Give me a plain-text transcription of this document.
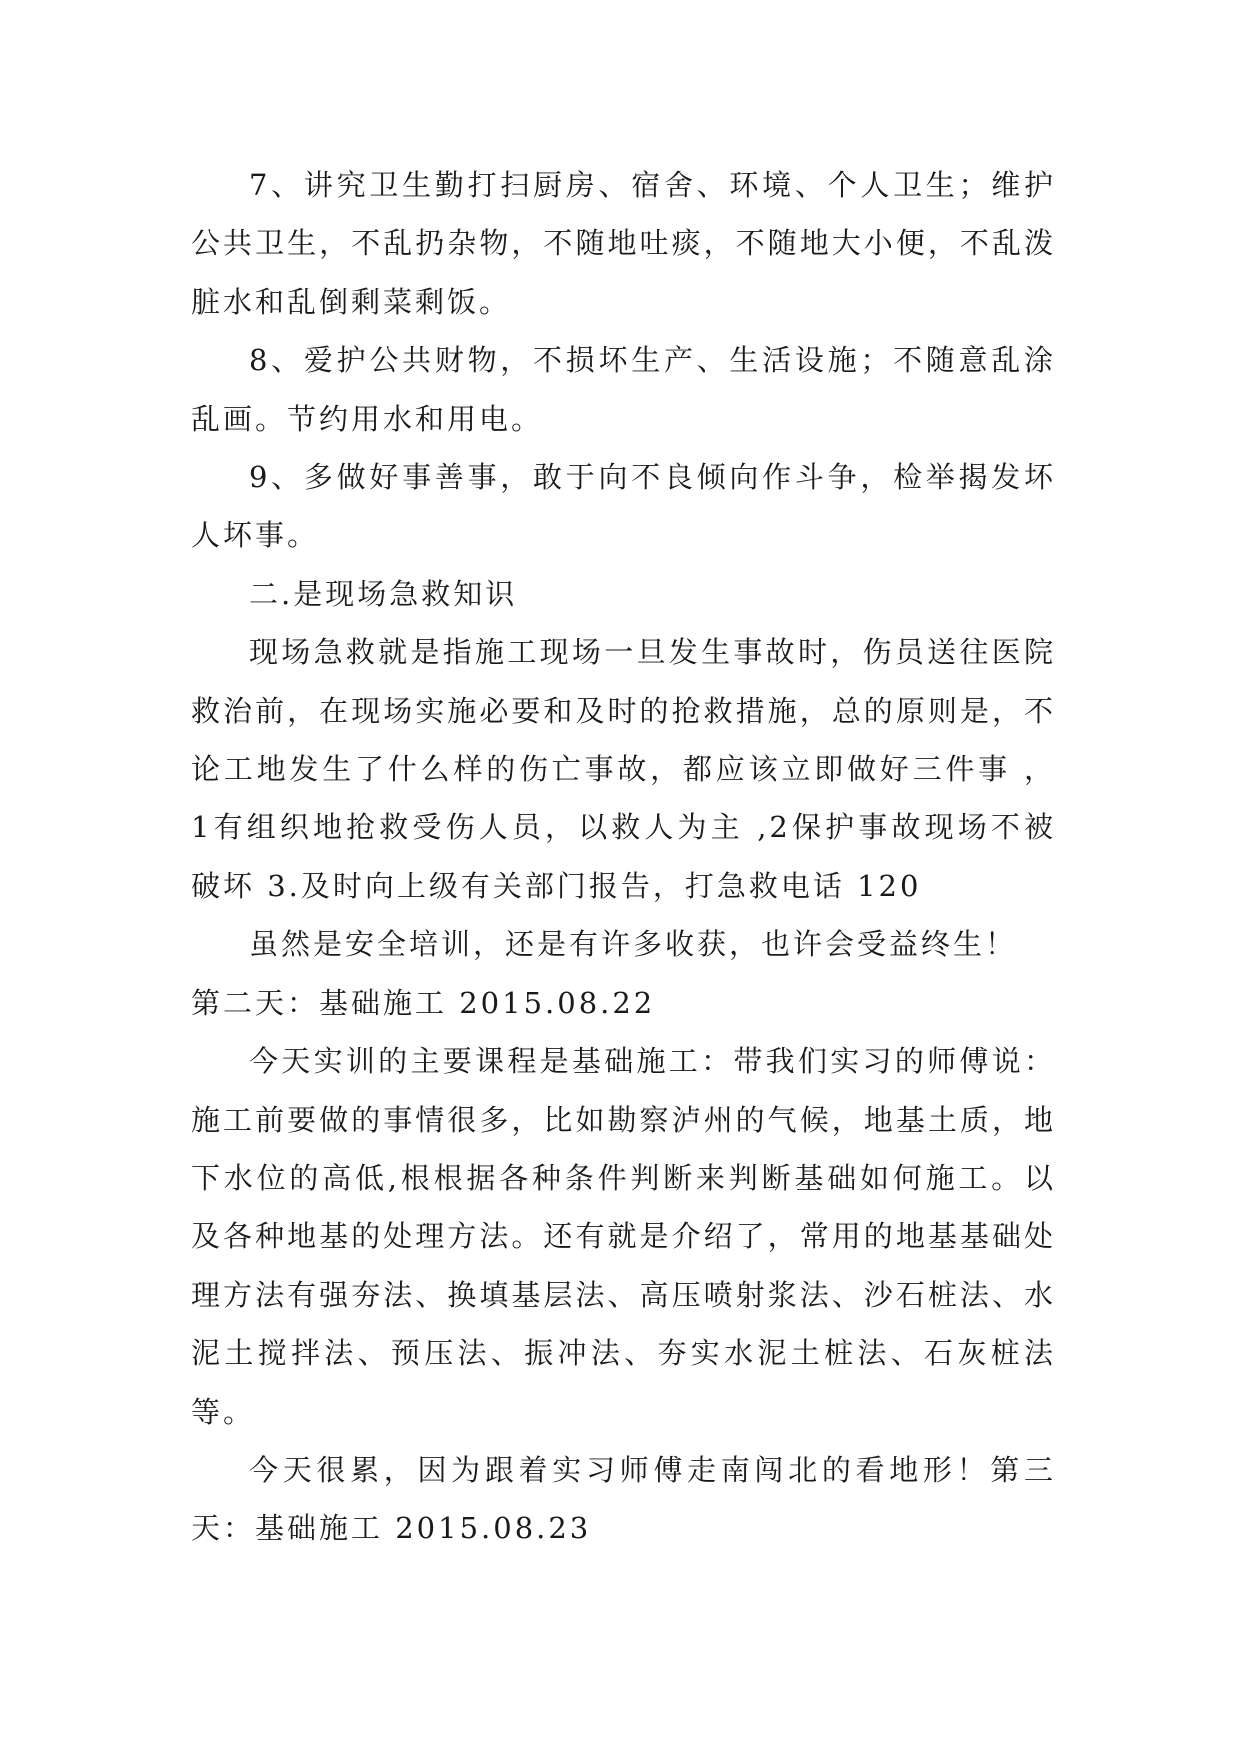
7、讲究卫生勤打扫厨房、宿舍、环境、个人卫生；维护公共卫生，不乱扔杂物，不随地吐痰，不随地大小便，不乱泼脏水和乱倒剩菜剩饭。

8、爱护公共财物，不损坏生产、生活设施；不随意乱涂乱画。节约用水和用电。

9、多做好事善事，敢于向不良倾向作斗争，检举揭发坏人坏事。

二.是现场急救知识

现场急救就是指施工现场一旦发生事故时，伤员送往医院救治前，在现场实施必要和及时的抢救措施，总的原则是，不论工地发生了什么样的伤亡事故，都应该立即做好三件事 ，1有组织地抢救受伤人员，以救人为主 ,2保护事故现场不被破坏 3.及时向上级有关部门报告，打急救电话 120

虽然是安全培训，还是有许多收获，也许会受益终生！

第二天：基础施工 2015.08.22

今天实训的主要课程是基础施工：带我们实习的师傅说：施工前要做的事情很多，比如勘察泸州的气候，地基土质，地下水位的高低,根根据各种条件判断来判断基础如何施工。以及各种地基的处理方法。还有就是介绍了，常用的地基基础处理方法有强夯法、换填基层法、高压喷射浆法、沙石桩法、水泥土搅拌法、预压法、振冲法、夯实水泥土桩法、石灰桩法等。

今天很累，因为跟着实习师傅走南闯北的看地形！第三天：基础施工 2015.08.23
